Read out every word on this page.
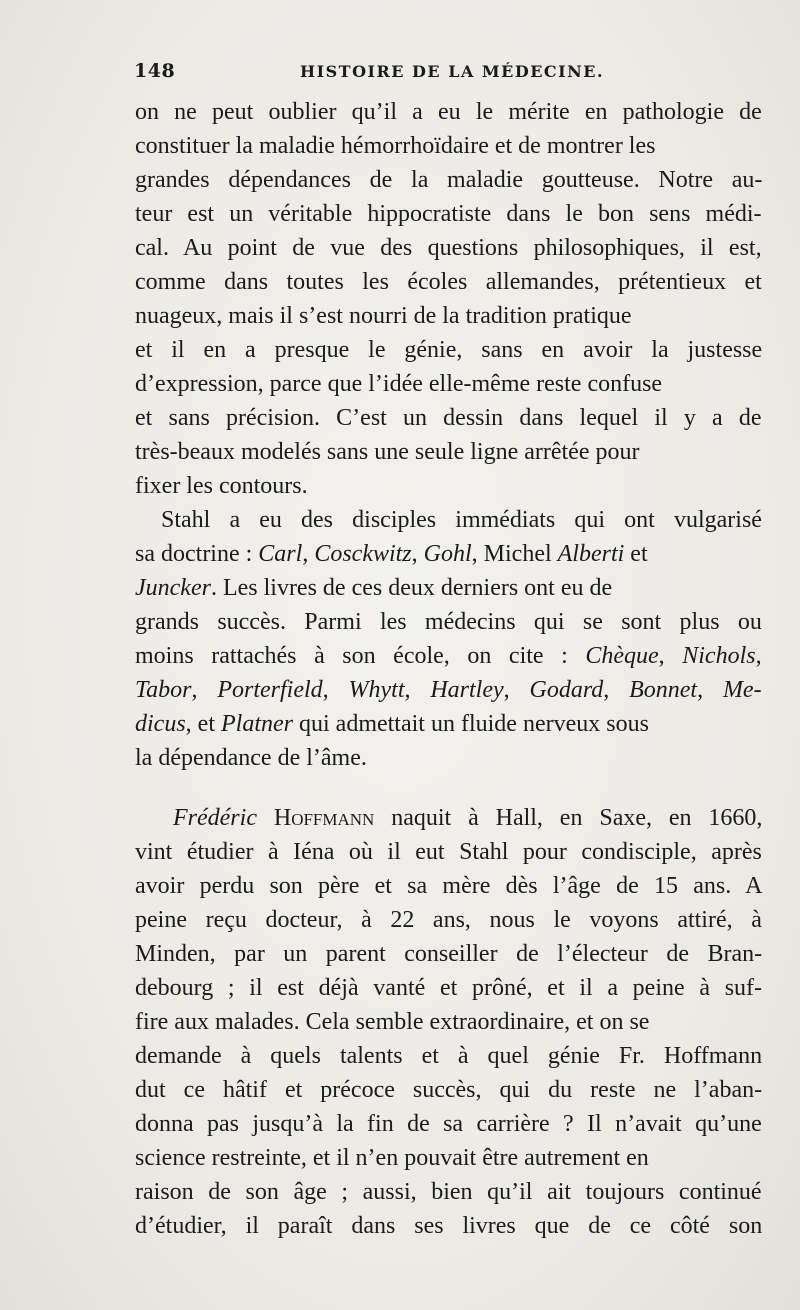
148	HISTOIRE DE LA MÉDECINE.
on ne peut oublier qu’il a eu le mérite en pathologie de
constituer la maladie hémorrhoïdaire et de montrer les
grandes dépendances de la maladie goutteuse. Notre au-
teur est un véritable hippocratiste dans le bon sens médi-
cal. Au point de vue des questions philosophiques, il est,
comme dans toutes les écoles allemandes, prétentieux et
nuageux, mais il s’est nourri de la tradition pratique
et il en a presque le génie, sans en avoir la justesse
d’expression, parce que l’idée elle-même reste confuse
et sans précision. C’est un dessin dans lequel il y a de
très-beaux modelés sans une seule ligne arrêtée pour
fixer les contours.
Stahl a eu des disciples immédiats qui ont vulgarisé
sa doctrine : Carl, Cosckwitz, Gohl, Michel Alberti et
Juncker. Les livres de ces deux derniers ont eu de
grands succès. Parmi les médecins qui se sont plus ou
moins rattachés à son école, on cite : Chèque, Nichols,
Tabor, Porterfield, Whytt, Hartley, Godard, Bonnet, Me-
dicus, et Platner qui admettait un fluide nerveux sous
la dépendance de l’âme.
Frédéric Hoffmann naquit à Hall, en Saxe, en 1660,
vint étudier à Iéna où il eut Stahl pour condisciple, après
avoir perdu son père et sa mère dès l’âge de 15 ans. A
peine reçu docteur, à 22 ans, nous le voyons attiré, à
Minden, par un parent conseiller de l’électeur de Bran-
debourg ; il est déjà vanté et prôné, et il a peine à suf-
fire aux malades. Cela semble extraordinaire, et on se
demande à quels talents et à quel génie Fr. Hoffmann
dut ce hâtif et précoce succès, qui du reste ne l’aban-
donna pas jusqu’à la fin de sa carrière ? Il n’avait qu’une
science restreinte, et il n’en pouvait être autrement en
raison de son âge ; aussi, bien qu’il ait toujours continué
d’étudier, il paraît dans ses livres que de ce côté son
